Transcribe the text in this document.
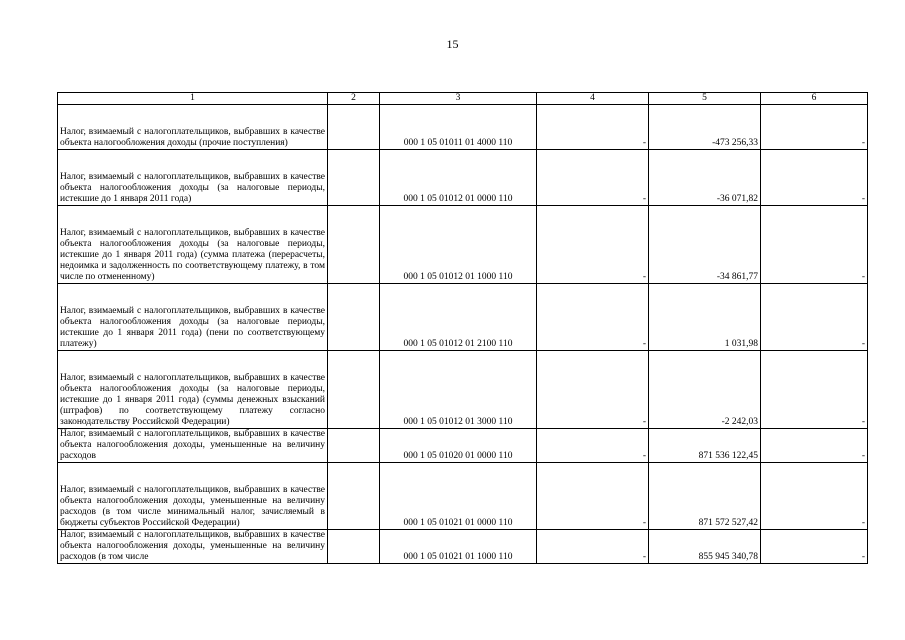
15
1	2	3	4	5	6
Налог, взимаемый с налогоплательщиков, выбравших в качестве объекта налогообложения доходы (прочие поступления)		000 1 05 01011 01 4000 110	-	-473 256,33	-
Налог, взимаемый с налогоплательщиков, выбравших в качестве объекта налогообложения доходы (за налоговые периоды, истекшие до 1 января 2011 года)		000 1 05 01012 01 0000 110	-	-36 071,82	-
Налог, взимаемый с налогоплательщиков, выбравших в качестве объекта налогообложения доходы (за налоговые периоды, истекшие до 1 января 2011 года) (сумма платежа (перерасчеты, недоимка и задолженность по соответствующему платежу, в том числе по отмененному)		000 1 05 01012 01 1000 110	-	-34 861,77	-
Налог, взимаемый с налогоплательщиков, выбравших в качестве объекта налогообложения доходы (за налоговые периоды, истекшие до 1 января 2011 года) (пени по соответствующему платежу)		000 1 05 01012 01 2100 110	-	1 031,98	-
Налог, взимаемый с налогоплательщиков, выбравших в качестве объекта налогообложения доходы (за налоговые периоды, истекшие до 1 января 2011 года) (суммы денежных взысканий (штрафов) по соответствующему платежу согласно законодательству Российской Федерации)		000 1 05 01012 01 3000 110	-	-2 242,03	-
Налог, взимаемый с налогоплательщиков, выбравших в качестве объекта налогообложения доходы, уменьшенные на величину расходов		000 1 05 01020 01 0000 110	-	871 536 122,45	-
Налог, взимаемый с налогоплательщиков, выбравших в качестве объекта налогообложения доходы, уменьшенные на величину расходов (в том числе минимальный налог, зачисляемый в бюджеты субъектов Российской Федерации)		000 1 05 01021 01 0000 110	-	871 572 527,42	-
Налог, взимаемый с налогоплательщиков, выбравших в качестве объекта налогообложения доходы, уменьшенные на величину расходов (в том числе		000 1 05 01021 01 1000 110	-	855 945 340,78	-
